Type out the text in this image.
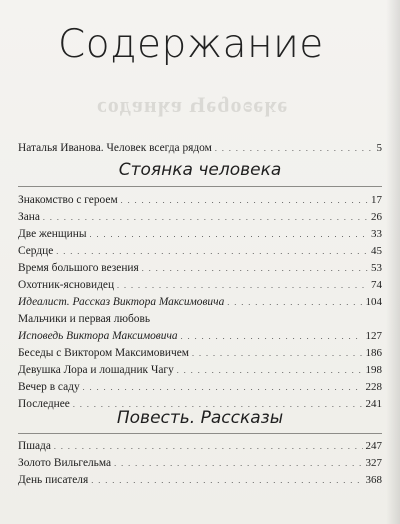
ǝʞǝʚоɓǝҺ ɐʞнɐдоɔ
Содержание
Наталья Иванова. Человек всегда рядом . . .	5
Стоянка человека
Знакомство с героем . . .	17
Зана . . .	26
Две женщины . . .	33
Сердце . . .	45
Время большого везения . . .	53
Охотник-ясновидец . . .	74
Идеалист. Рассказ Виктора Максимовича . . .	104
Мальчики и первая любовь
Исповедь Виктора Максимовича . . .	127
Беседы с Виктором Максимовичем . . .	186
Девушка Лора и лошадник Чагу . . .	198
Вечер в саду . . .	228
Последнее . . .	241
Повесть. Рассказы
Пшада . . .	247
Золото Вильгельма . . .	327
День писателя . . .	368
